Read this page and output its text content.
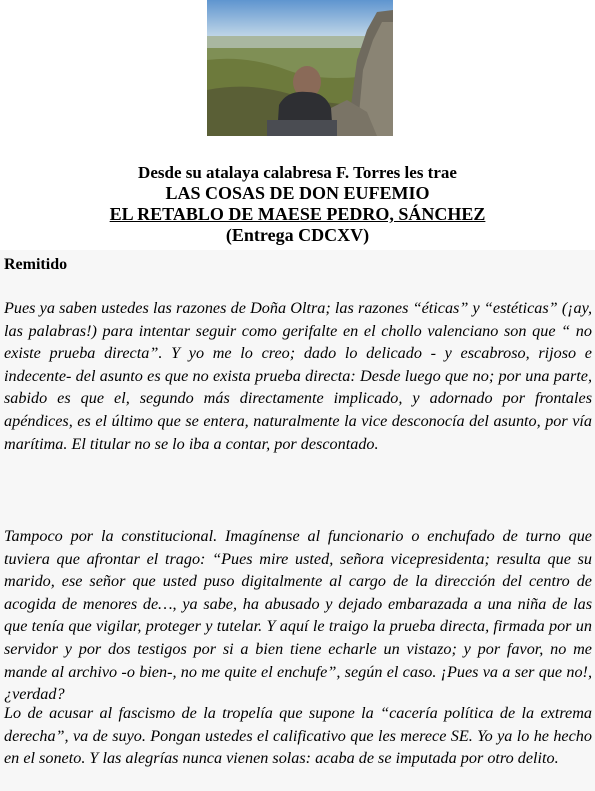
Desde su atalaya calabresa F. Torres les trae
LAS COSAS DE DON EUFEMIO
EL RETABLO DE MAESE PEDRO, SÁNCHEZ
(Entrega CDCXV)
Remitido

Pues ya saben ustedes las razones de Doña Oltra; las razones “éticas” y “estéticas” (¡ay, las palabras!) para intentar seguir como gerifalte en el chollo valenciano son que “ no existe prueba directa”. Y yo me lo creo; dado lo delicado - y escabroso, rijoso e indecente- del asunto es que no exista prueba directa: Desde luego que no; por una parte, sabido es que el, segundo más directamente implicado, y adornado por frontales apéndices, es el último que se entera, naturalmente la vice desconocía del asunto, por vía marítima. El titular no se lo iba a contar, por descontado.

Tampoco por la constitucional. Imagínense al funcionario o enchufado de turno que tuviera que afrontar el trago: “Pues mire usted, señora vicepresidenta; resulta que su marido, ese señor que usted puso digitalmente al cargo de la dirección del centro de acogida de menores de…, ya sabe, ha abusado y dejado embarazada a una niña de las que tenía que vigilar, proteger y tutelar. Y aquí le traigo la prueba directa, firmada por un servidor y por dos testigos por si a bien tiene echarle un vistazo; y por favor, no me mande al archivo -o bien-, no me quite el enchufe”, según el caso. ¡Pues va a ser que no!, ¿verdad?

Lo de acusar al fascismo de la tropelía que supone la “cacería política de la extrema derecha”, va de suyo. Pongan ustedes el calificativo que les merece SE. Yo ya lo he hecho en el soneto. Y las alegrías nunca vienen solas: acaba de se imputada por otro delito.
